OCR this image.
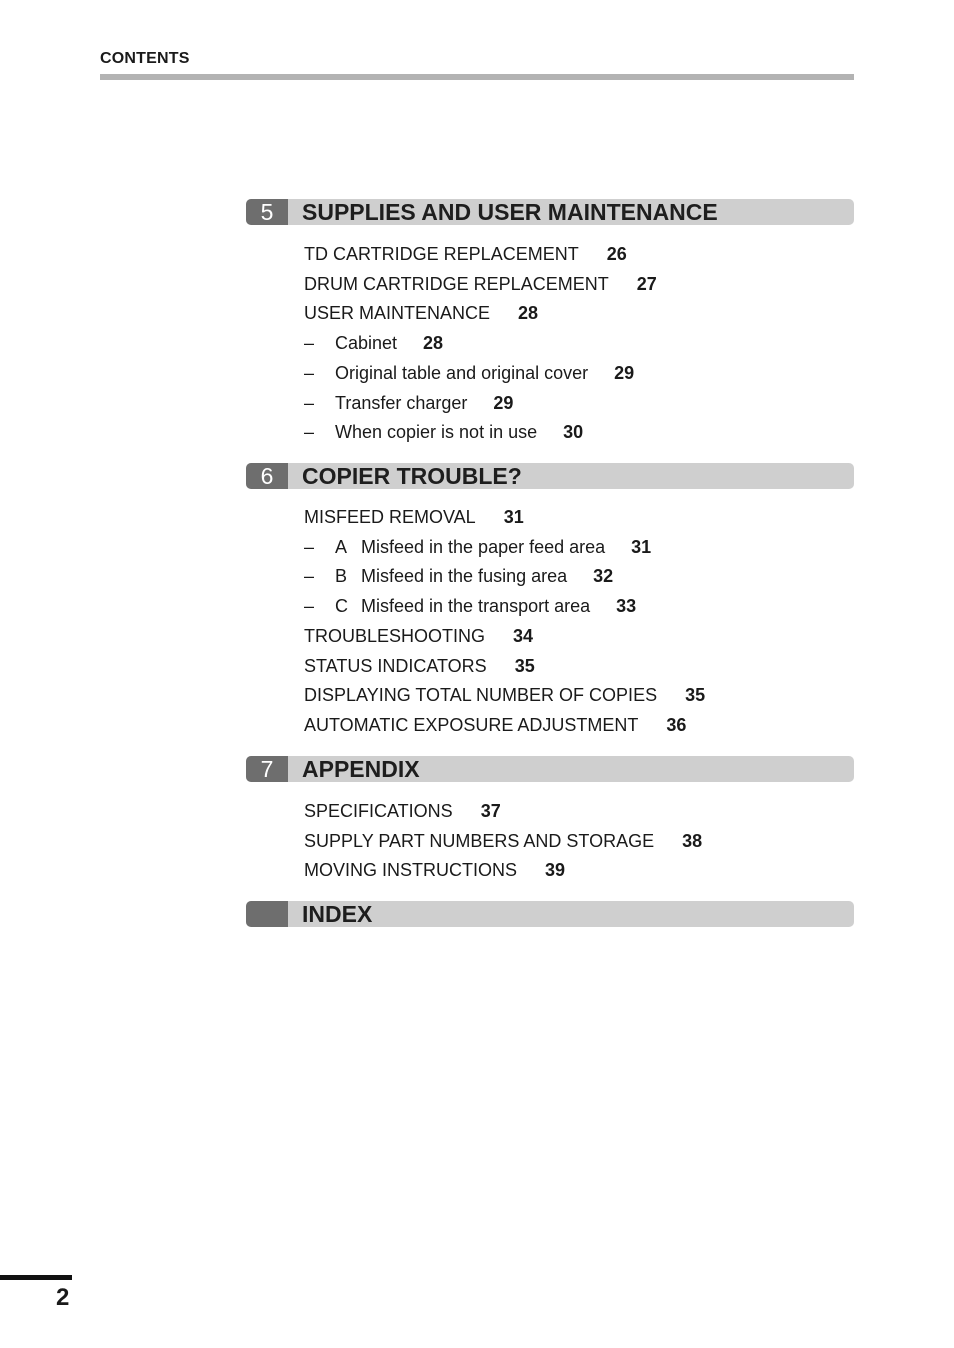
CONTENTS
5	SUPPLIES AND USER MAINTENANCE
TD CARTRIDGE REPLACEMENT 26
DRUM CARTRIDGE REPLACEMENT 27
USER MAINTENANCE 28
–	Cabinet 28
–	Original table and original cover 29
–	Transfer charger 29
–	When copier is not in use 30
6	COPIER TROUBLE?
MISFEED REMOVAL 31
–	A Misfeed in the paper feed area 31
–	B Misfeed in the fusing area 32
–	C Misfeed in the transport area 33
TROUBLESHOOTING 34
STATUS INDICATORS 35
DISPLAYING TOTAL NUMBER OF COPIES 35
AUTOMATIC EXPOSURE ADJUSTMENT 36
7	APPENDIX
SPECIFICATIONS 37
SUPPLY PART NUMBERS AND STORAGE 38
MOVING INSTRUCTIONS 39
INDEX
2
